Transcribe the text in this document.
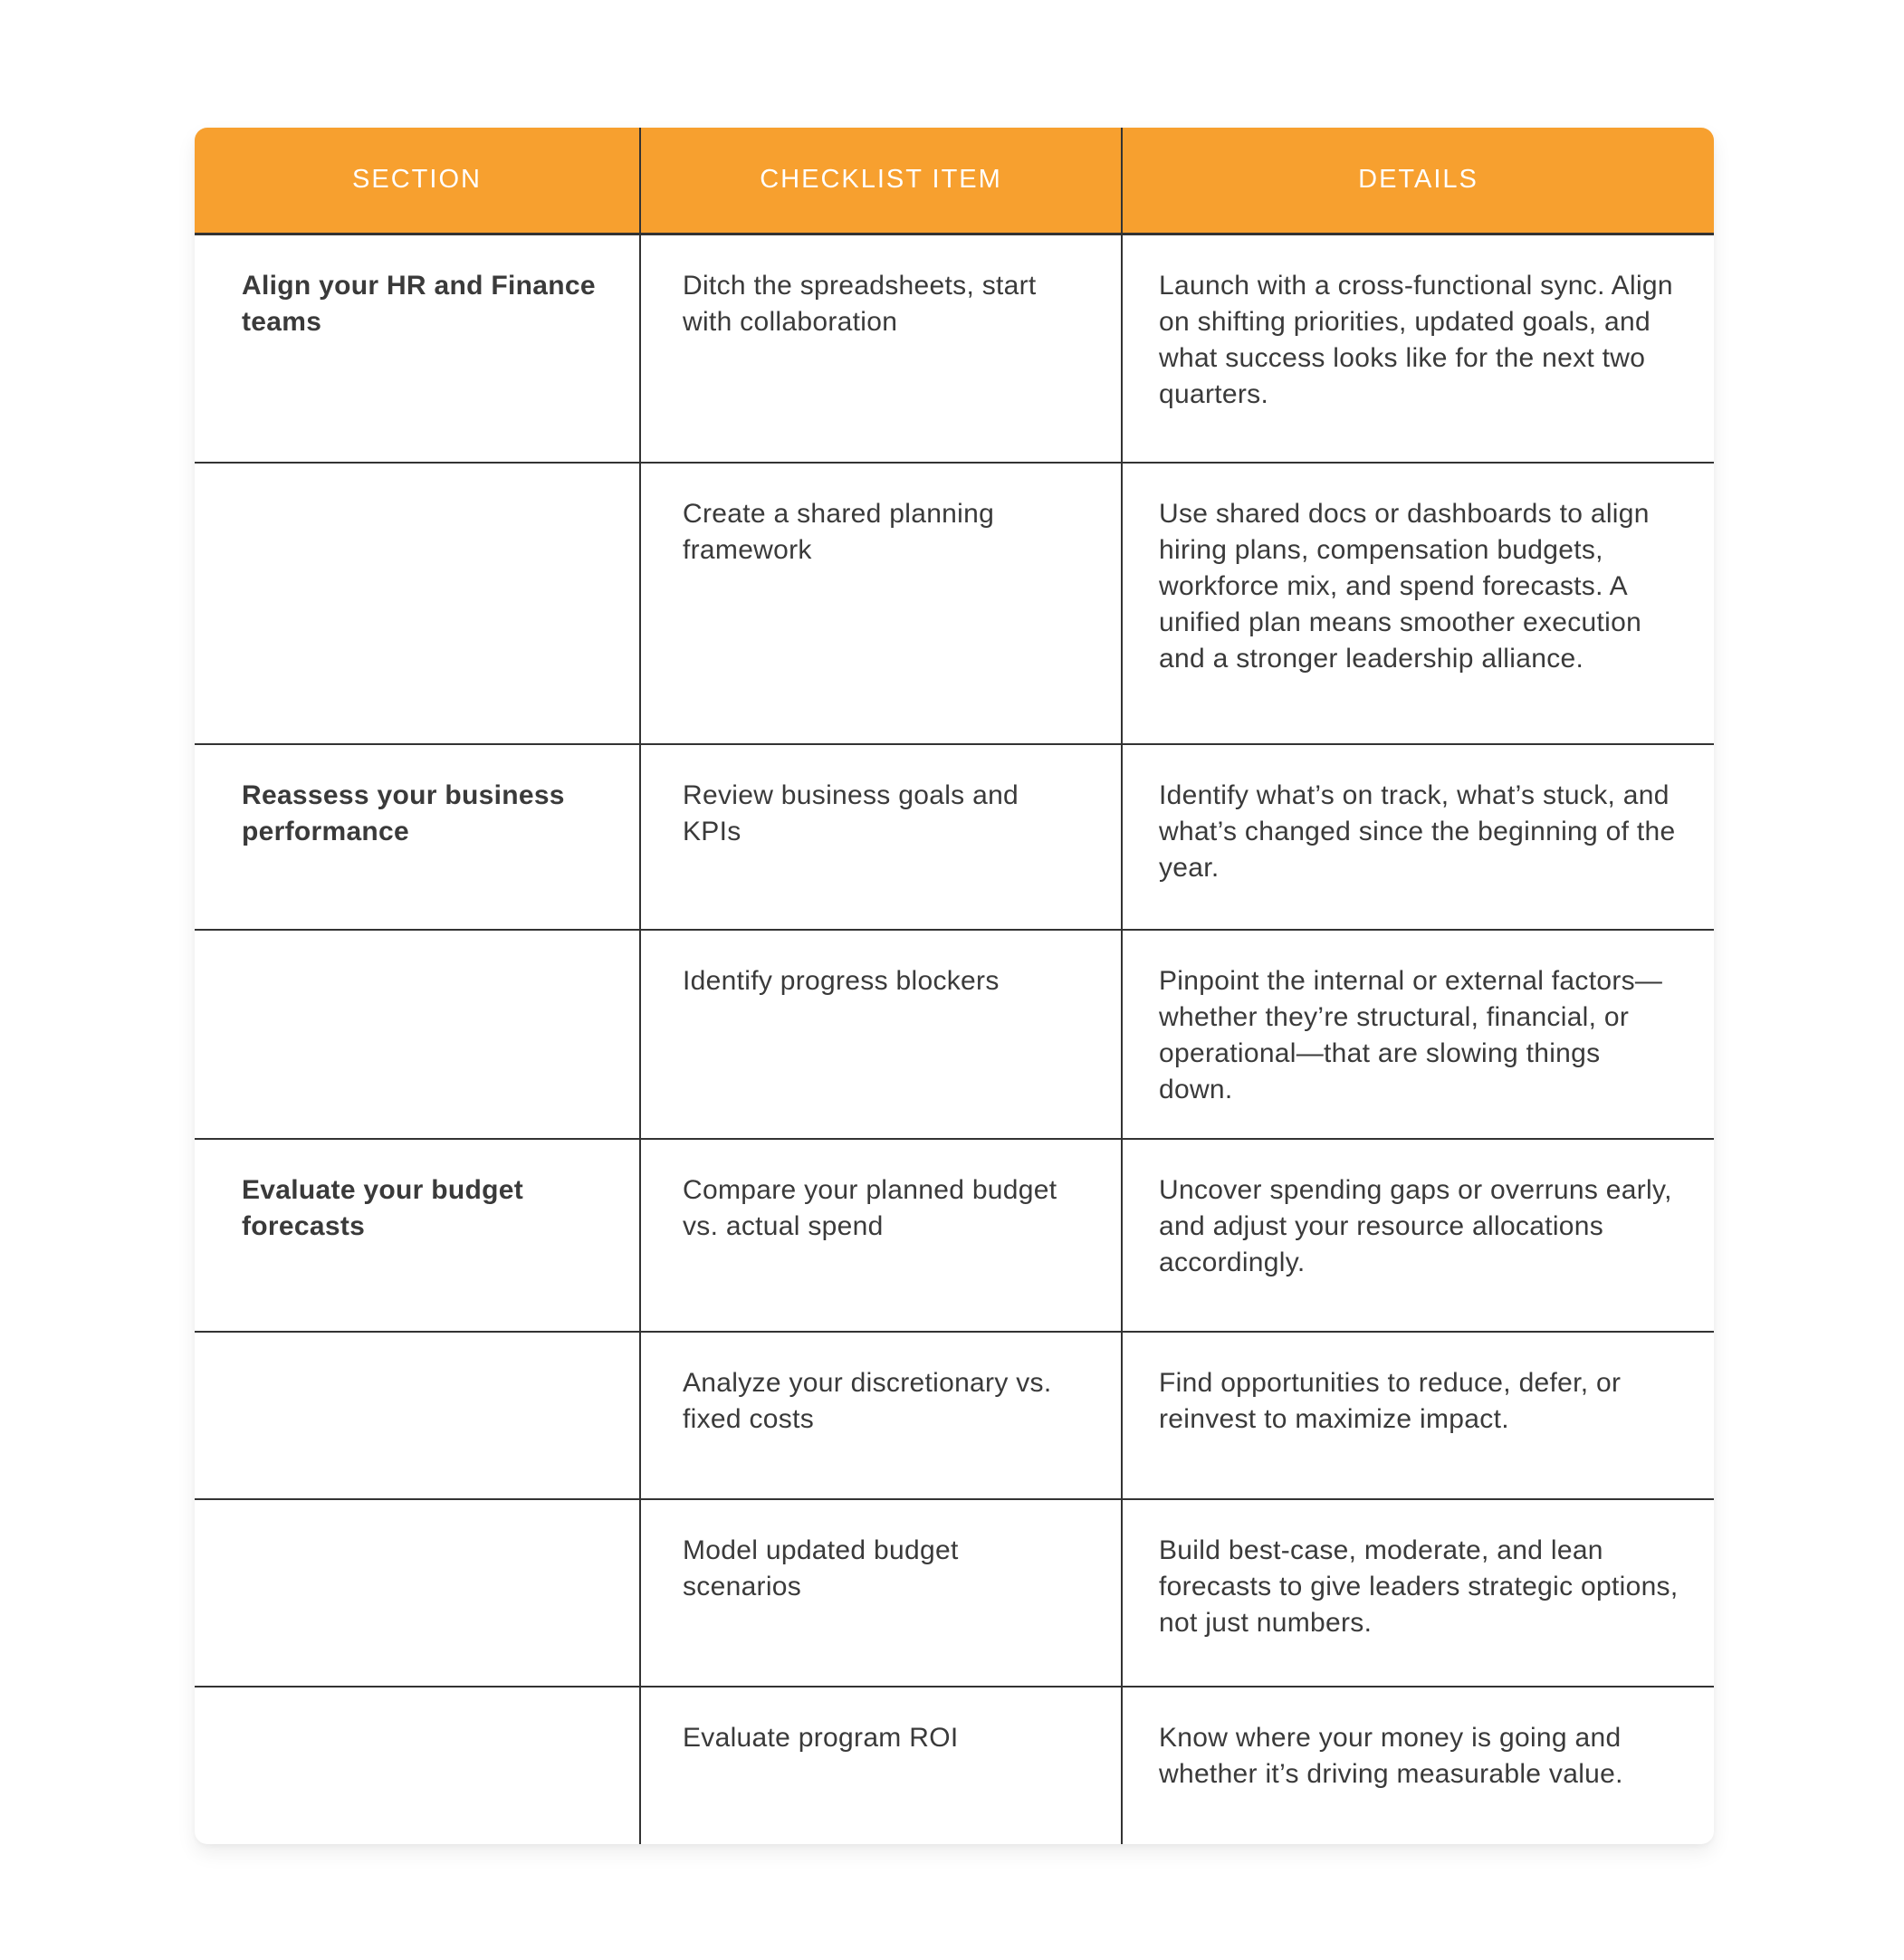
SECTION	CHECKLIST ITEM	DETAILS
Align your HR and Finance teams	Ditch the spreadsheets, start with collaboration	Launch with a cross-functional sync. Align on shifting priorities, updated goals, and what success looks like for the next two quarters.
	Create a shared planning framework	Use shared docs or dashboards to align hiring plans, compensation budgets, workforce mix, and spend forecasts. A unified plan means smoother execution and a stronger leadership alliance.
Reassess your business performance	Review business goals and KPIs	Identify what’s on track, what’s stuck, and what’s changed since the beginning of the year.
	Identify progress blockers	Pinpoint the internal or external factors—whether they’re structural, financial, or operational—that are slowing things down.
Evaluate your budget forecasts	Compare your planned budget vs. actual spend	Uncover spending gaps or overruns early, and adjust your resource allocations accordingly.
	Analyze your discretionary vs. fixed costs	Find opportunities to reduce, defer, or reinvest to maximize impact.
	Model updated budget scenarios	Build best-case, moderate, and lean forecasts to give leaders strategic options, not just numbers.
	Evaluate program ROI	Know where your money is going and whether it’s driving measurable value.
